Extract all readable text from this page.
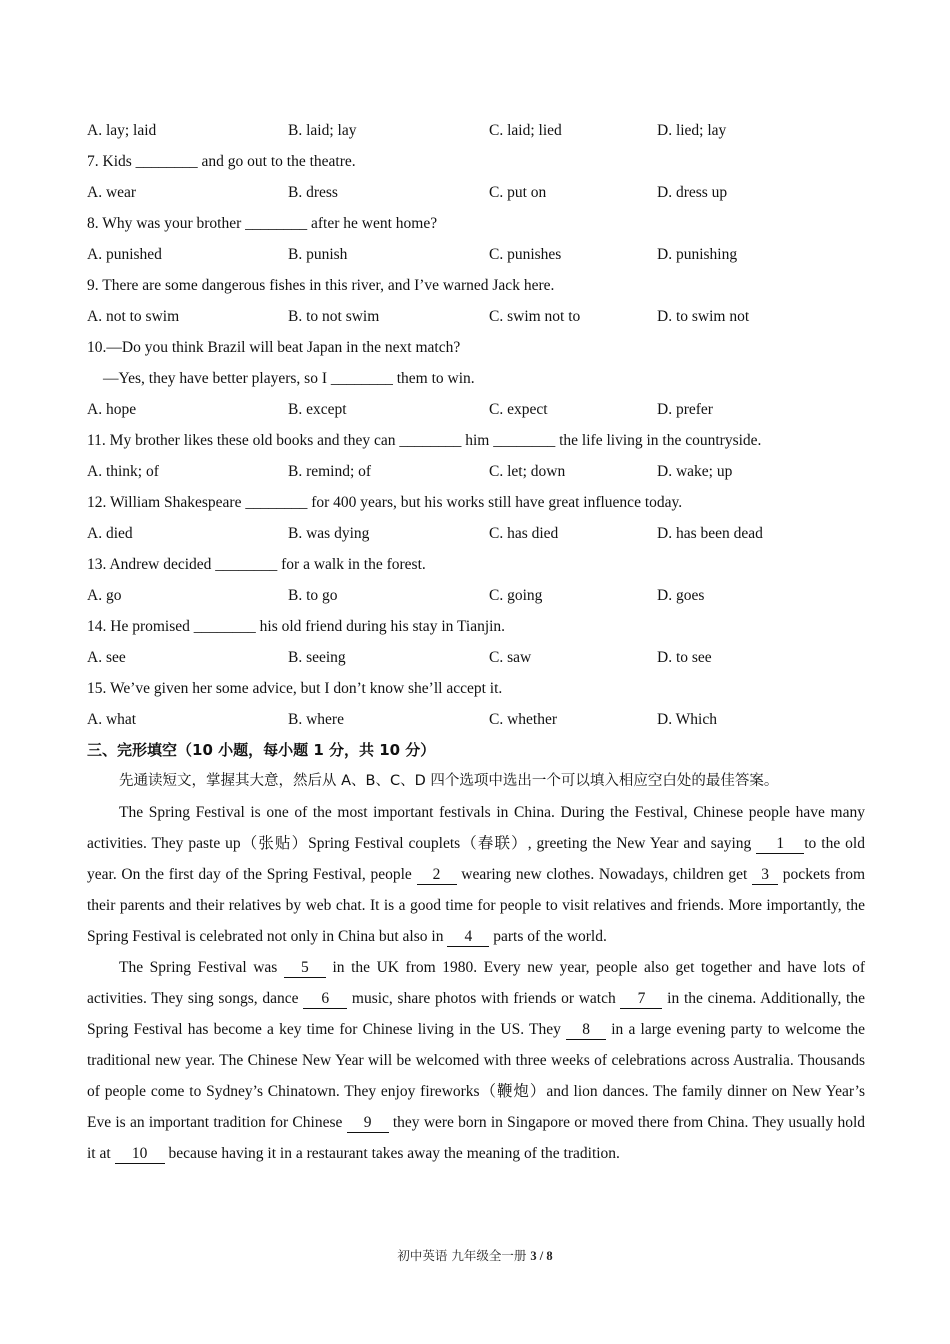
A. lay; laid	B. laid; lay	C. laid; lied	D. lied; lay
7. Kids ________ and go out to the theatre.
A. wear	B. dress	C. put on	D. dress up
8. Why was your brother ________ after he went home?
A. punished	B. punish	C. punishes	D. punishing
9. There are some dangerous fishes in this river, and I’ve warned Jack here.
A. not to swim	B. to not swim	C. swim not to	D. to swim not
10.—Do you think Brazil will beat Japan in the next match?
—Yes, they have better players, so I ________ them to win.
A. hope	B. except	C. expect	D. prefer
11. My brother likes these old books and they can ________ him ________ the life living in the countryside.
A. think; of	B. remind; of	C. let; down	D. wake; up
12. William Shakespeare ________ for 400 years, but his works still have great influence today.
A. died	B. was dying	C. has died	D. has been dead
13. Andrew decided ________ for a walk in the forest.
A. go	B. to go	C. going	D. goes
14. He promised ________ his old friend during his stay in Tianjin.
A. see	B. seeing	C. saw	D. to see
15. We’ve given her some advice, but I don’t know she’ll accept it.
A. what	B. where	C. whether	D. Which
三、完形填空（10 小题，每小题 1 分，共 10 分）
先通读短文，掌握其大意，然后从 A、B、C、D 四个选项中选出一个可以填入相应空白处的最佳答案。
The Spring Festival is one of the most important festivals in China. During the Festival, Chinese people have many activities. They paste up（张贴）Spring Festival couplets（春联）, greeting the New Year and saying 1 to the old year. On the first day of the Spring Festival, people 2 wearing new clothes. Nowadays, children get 3 pockets from their parents and their relatives by web chat. It is a good time for people to visit relatives and friends. More importantly, the Spring Festival is celebrated not only in China but also in 4 parts of the world.
The Spring Festival was 5 in the UK from 1980. Every new year, people also get together and have lots of activities. They sing songs, dance 6 music, share photos with friends or watch 7 in the cinema. Additionally, the Spring Festival has become a key time for Chinese living in the US. They 8 in a large evening party to welcome the traditional new year. The Chinese New Year will be welcomed with three weeks of celebrations across Australia. Thousands of people come to Sydney’s Chinatown. They enjoy fireworks（鞭炮）and lion dances. The family dinner on New Year’s Eve is an important tradition for Chinese 9 they were born in Singapore or moved there from China. They usually hold it at 10 because having it in a restaurant takes away the meaning of the tradition.
初中英语 九年级全一册 3 / 8
